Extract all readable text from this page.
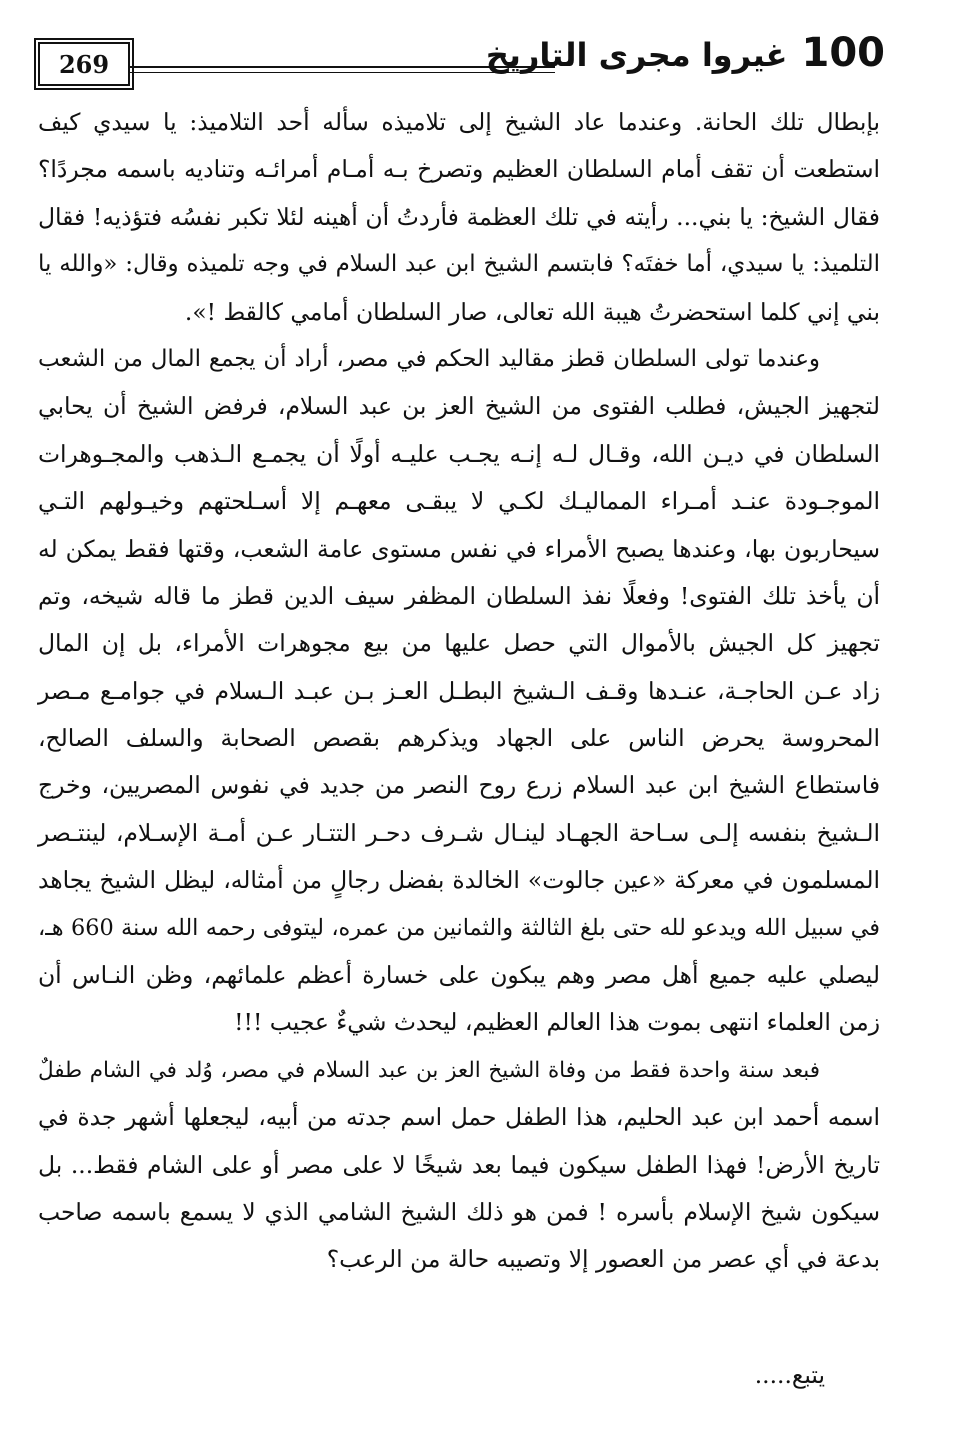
269	100
غيروا مجرى التاريخ
بإبطال تلك الحانة. وعندما عاد الشيخ إلى تلاميذه سأله أحد التلاميذ: يا سيدي كيف
استطعت أن تقف أمام السلطان العظيم وتصرخ بـه أمـام أمرائـه وتناديه باسمه مجردًا؟
فقال الشيخ: يا بني... رأيته في تلك العظمة فأردتُ أن أهينه لئلا تكبر نفسُه فتؤذيه! فقال
التلميذ: يا سيدي، أما خفتَه؟ فابتسم الشيخ ابن عبد السلام في وجه تلميذه وقال: «والله يا
بني إني كلما استحضرتُ هيبة الله تعالى، صار السلطان أمامي كالقط !».
وعندما تولى السلطان قطز مقاليد الحكم في مصر، أراد أن يجمع المال من الشعب
لتجهيز الجيش، فطلب الفتوى من الشيخ العز بن عبد السلام، فرفض الشيخ أن يحابي
السلطان في ديـن الله، وقـال لـه إنـه يجـب عليـه أولًا أن يجمـع الـذهب والمجـوهرات
الموجـودة عنـد أمـراء المماليـك لكـي لا يبقـى معهـم إلا أسـلحتهم وخيـولهم التـي
سيحاربون بها، وعندها يصبح الأمراء في نفس مستوى عامة الشعب، وقتها فقط يمكن له
أن يأخذ تلك الفتوى! وفعلًا نفذ السلطان المظفر سيف الدين قطز ما قاله شيخه، وتم
تجهيز كل الجيش بالأموال التي حصل عليها من بيع مجوهرات الأمراء، بل إن المال
زاد عـن الحاجـة، عنـدها وقـف الـشيخ البطـل العـز بـن عبـد الـسلام في جوامـع مـصر
المحروسة يحرض الناس على الجهاد ويذكرهم بقصص الصحابة والسلف الصالح،
فاستطاع الشيخ ابن عبد السلام زرع روح النصر من جديد في نفوس المصريين، وخرج
الـشيخ بنفسه إلـى سـاحة الجهـاد لينـال شـرف دحـر التتـار عـن أمـة الإسـلام، لينتـصر
المسلمون في معركة «عين جالوت» الخالدة بفضل رجالٍ من أمثاله، ليظل الشيخ يجاهد
في سبيل الله ويدعو لله حتى بلغ الثالثة والثمانين من عمره، ليتوفى رحمه الله سنة 660 هـ،
ليصلي عليه جميع أهل مصر وهم يبكون على خسارة أعظم علمائهم، وظن النـاس أن
زمن العلماء انتهى بموت هذا العالم العظيم، ليحدث شيءٌ عجيب !!!
فبعد سنة واحدة فقط من وفاة الشيخ العز بن عبد السلام في مصر، وُلد في الشام طفلٌ
اسمه أحمد ابن عبد الحليم، هذا الطفل حمل اسم جدته من أبيه، ليجعلها أشهر جدة في
تاريخ الأرض! فهذا الطفل سيكون فيما بعد شيخًا لا على مصر أو على الشام فقط... بل
سيكون شيخ الإسلام بأسره ! فمن هو ذلك الشيخ الشامي الذي لا يسمع باسمه صاحب
بدعة في أي عصر من العصور إلا وتصيبه حالة من الرعب؟
يتبع.....
